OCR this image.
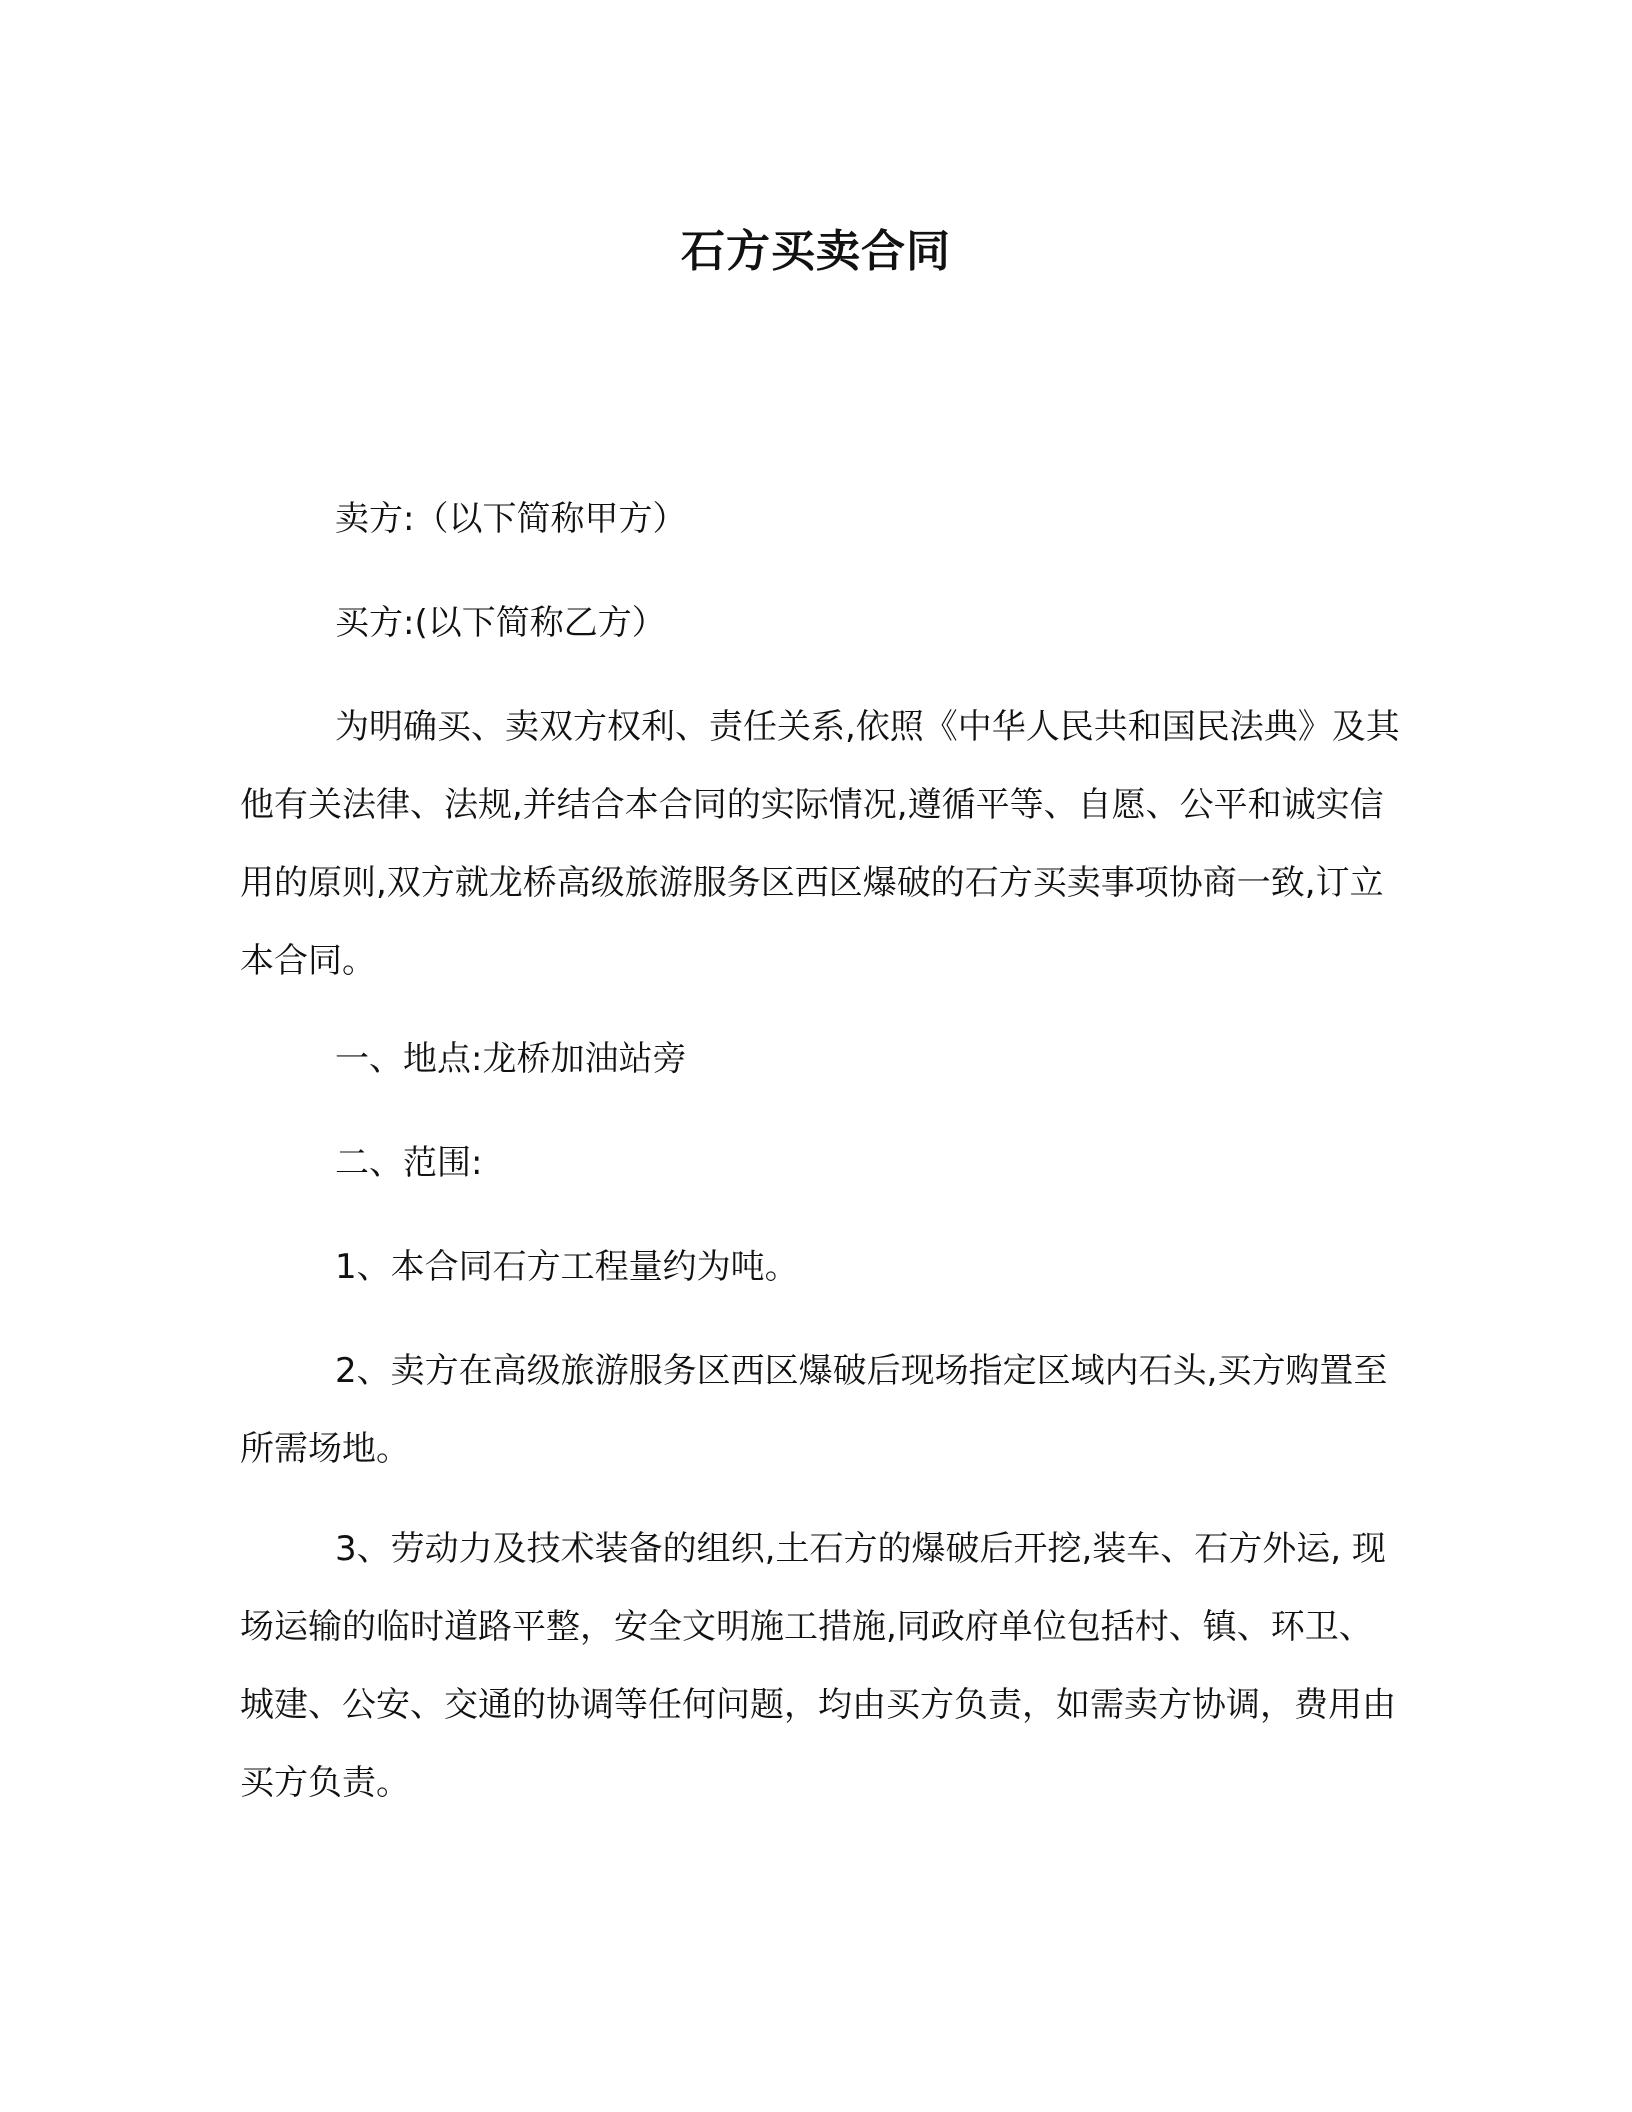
石方买卖合同

卖方:（以下简称甲方）

买方:(以下简称乙方）

为明确买、卖双方权利、责任关系,依照《中华人民共和国民法典》及其他有关法律、法规,并结合本合同的实际情况,遵循平等、自愿、公平和诚实信用的原则,双方就龙桥高级旅游服务区西区爆破的石方买卖事项协商一致,订立本合同。

一、地点:龙桥加油站旁

二、范围:

1、本合同石方工程量约为吨。

2、卖方在高级旅游服务区西区爆破后现场指定区域内石头,买方购置至所需场地。

3、劳动力及技术装备的组织,土石方的爆破后开挖,装车、石方外运, 现场运输的临时道路平整，安全文明施工措施,同政府单位包括村、镇、环卫、城建、公安、交通的协调等任何问题，均由买方负责，如需卖方协调，费用由买方负责。
